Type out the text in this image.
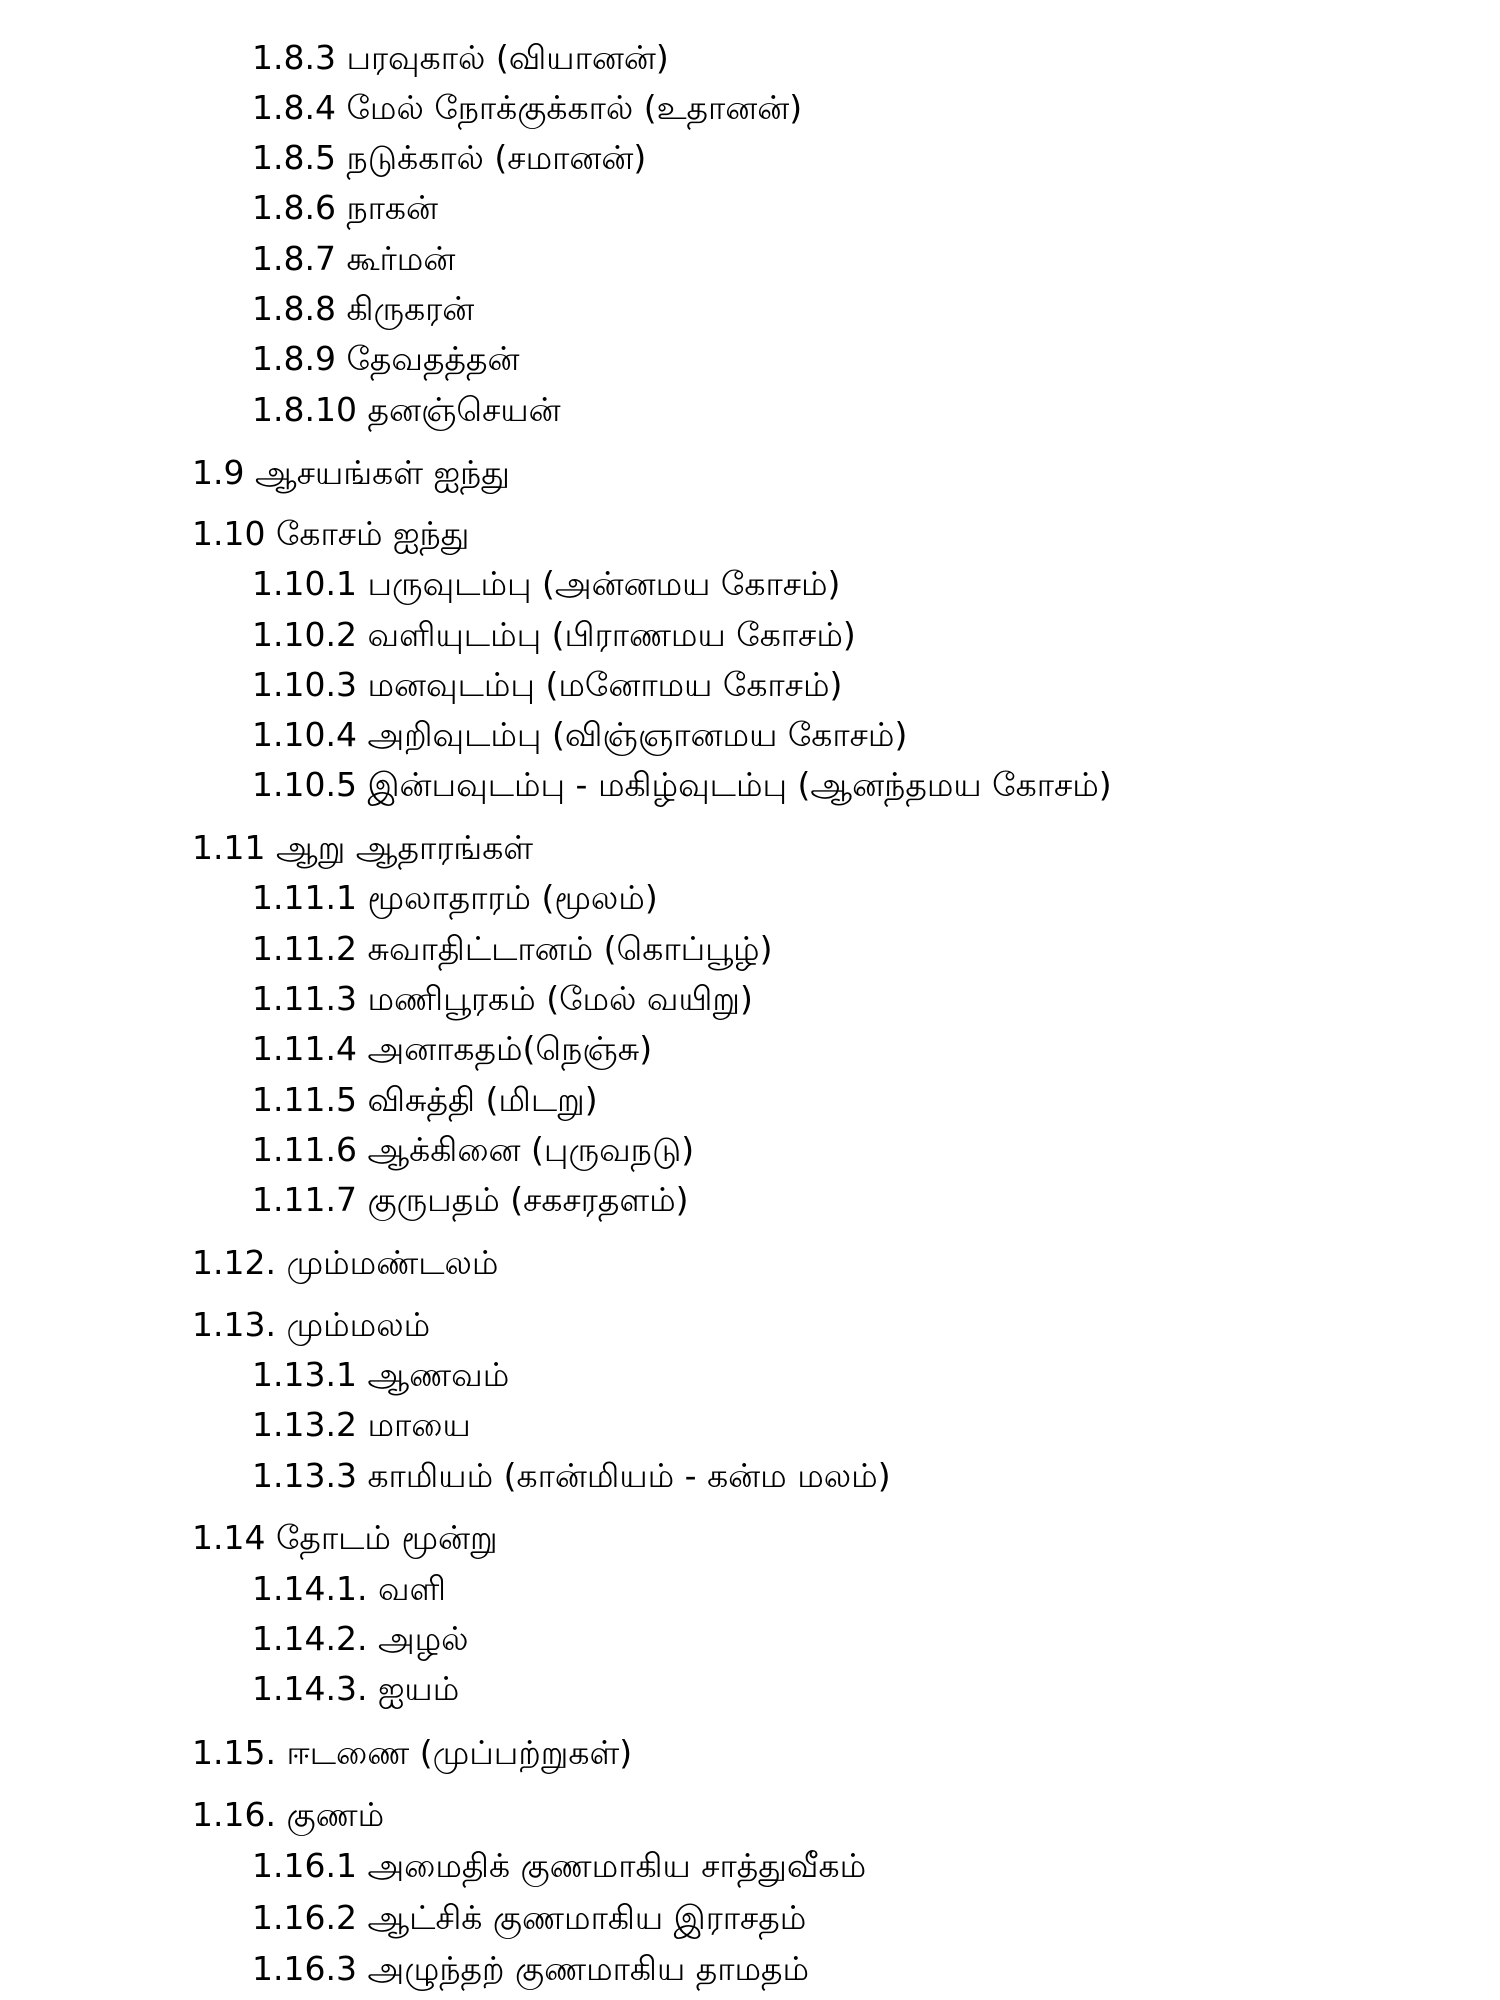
1.8.3 பரவுகால் (வியானன்)
1.8.4 மேல் நோக்குக்கால் (உதானன்)
1.8.5 நடுக்கால் (சமானன்)
1.8.6 நாகன்
1.8.7 கூர்மன்
1.8.8 கிருகரன்
1.8.9 தேவதத்தன்
1.8.10 தனஞ்செயன்
1.9 ஆசயங்கள் ஐந்து
1.10 கோசம் ஐந்து
1.10.1 பருவுடம்பு (அன்னமய கோசம்)
1.10.2 வளியுடம்பு (பிராணமய கோசம்)
1.10.3 மனவுடம்பு (மனோமய கோசம்)
1.10.4 அறிவுடம்பு (விஞ்ஞானமய கோசம்)
1.10.5 இன்பவுடம்பு - மகிழ்வுடம்பு (ஆனந்தமய கோசம்)
1.11 ஆறு ஆதாரங்கள்
1.11.1 மூலாதாரம் (மூலம்)
1.11.2 சுவாதிட்டானம் (கொப்பூழ்)
1.11.3 மணிபூரகம் (மேல் வயிறு)
1.11.4 அனாகதம்(நெஞ்சு)
1.11.5 விசுத்தி (மிடறு)
1.11.6 ஆக்கினை (புருவநடு)
1.11.7 குருபதம் (சகசரதளம்)
1.12. மும்மண்டலம்
1.13. மும்மலம்
1.13.1 ஆணவம்
1.13.2 மாயை
1.13.3 காமியம் (கான்மியம் - கன்ம மலம்)
1.14 தோடம் மூன்று
1.14.1. வளி
1.14.2. அழல்
1.14.3. ஐயம்
1.15. ஈடணை (முப்பற்றுகள்)
1.16. குணம்
1.16.1 அமைதிக் குணமாகிய சாத்துவீகம்
1.16.2 ஆட்சிக் குணமாகிய இராசதம்
1.16.3 அழுந்தற் குணமாகிய தாமதம்
